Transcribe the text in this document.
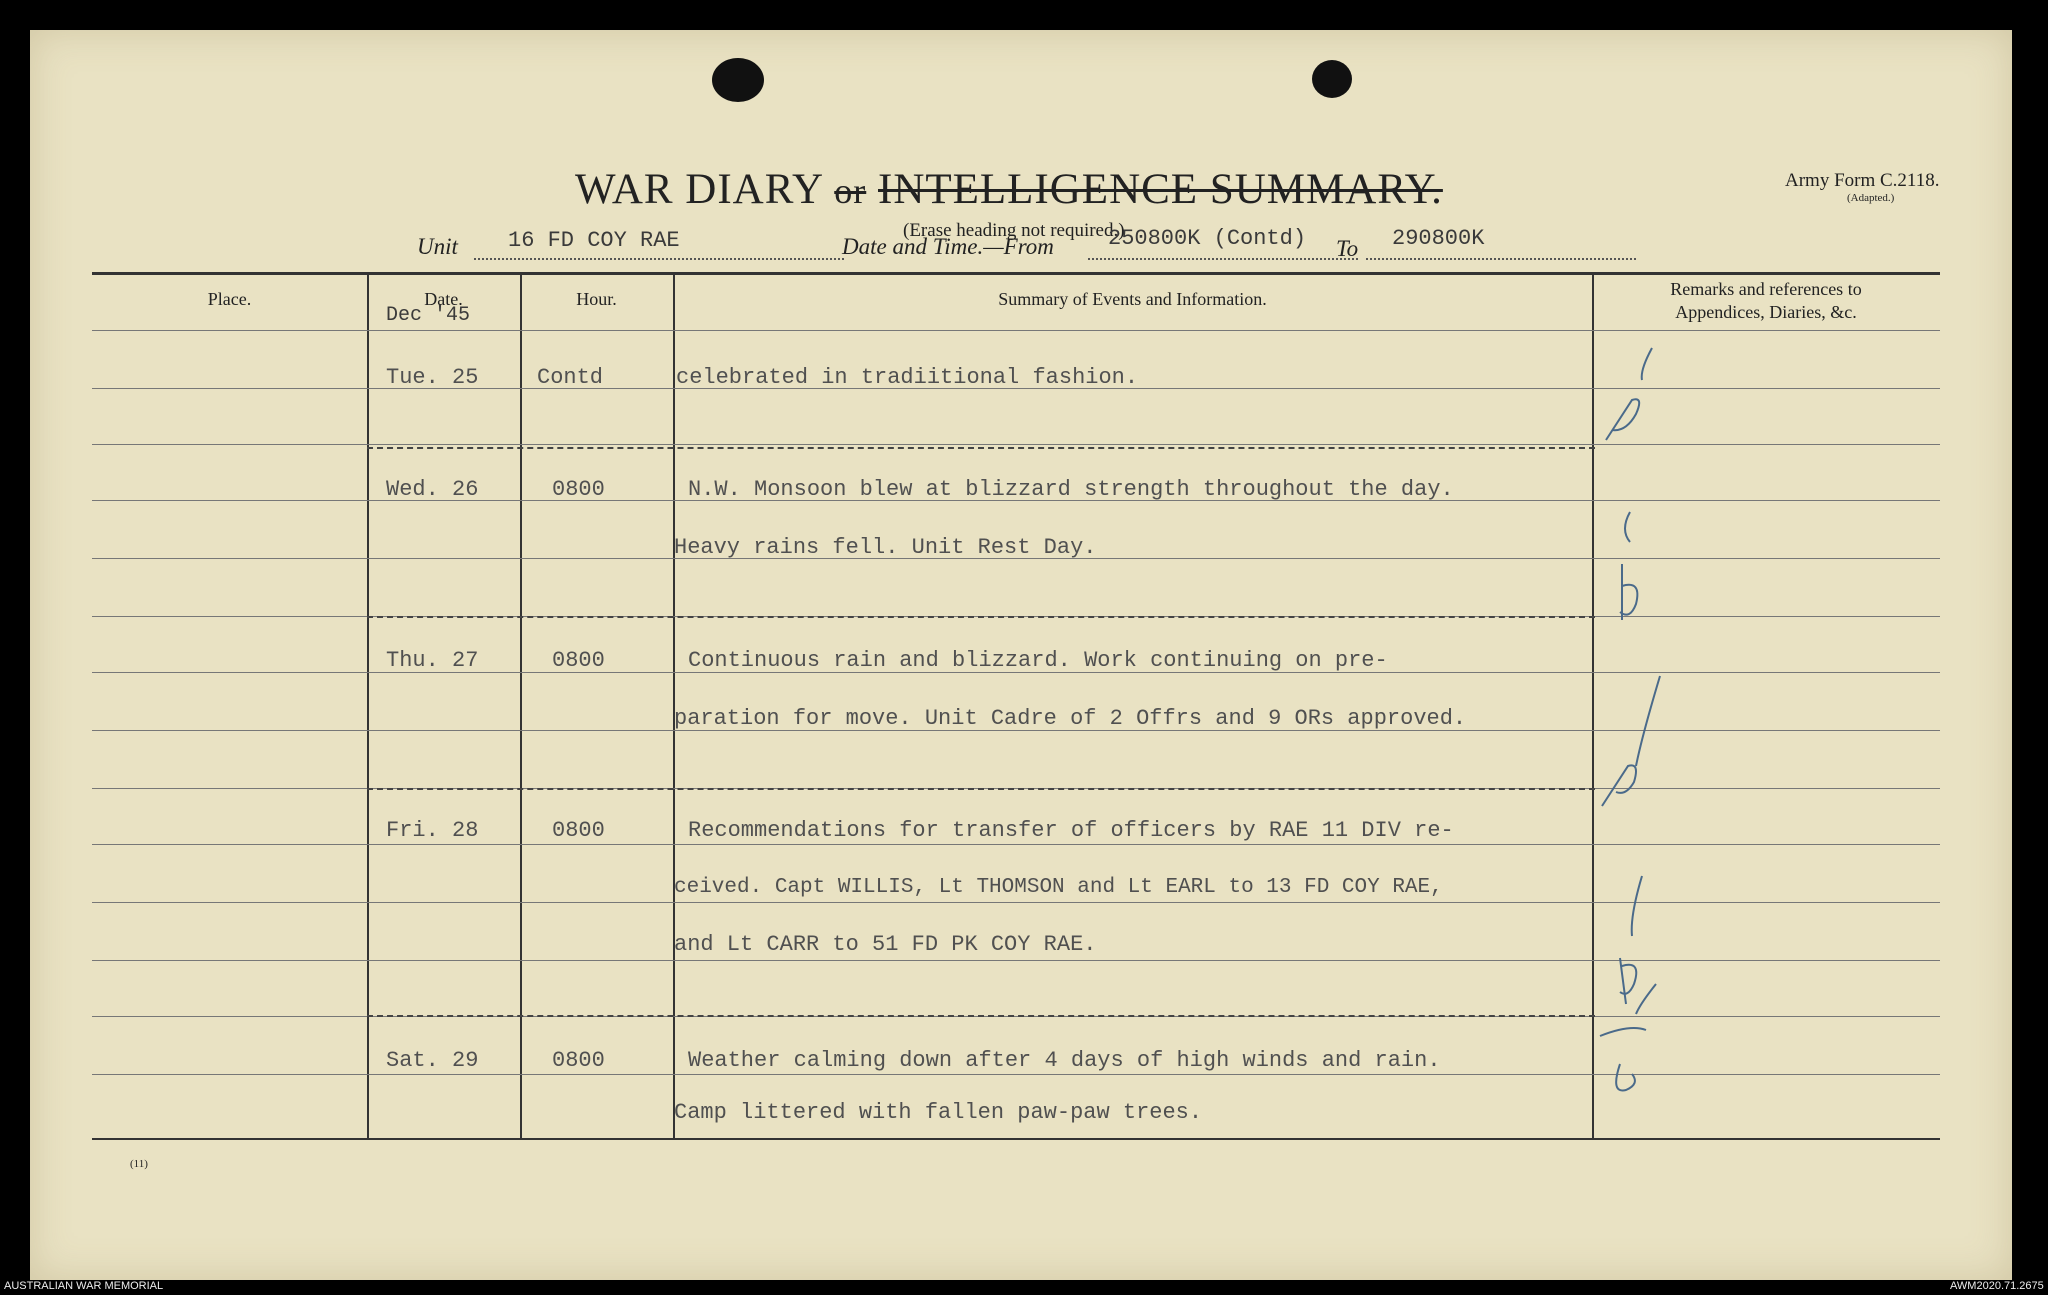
WAR DIARY or INTELLIGENCE SUMMARY.
(Erase heading not required.)
Army Form C.2118.
(Adapted.)
Unit 16 FD COY RAE	Date and Time.—From 250800K (Contd) To 290800K
Place.	Date.
Dec '45
Hour.	Summary of Events and Information.	Remarks and references to
Appendices, Diaries, &c.
Tue. 25	Contd	celebrated in tradiitional fashion.
Wed. 26	0800	N.W. Monsoon blew at blizzard strength throughout the day.
Heavy rains fell. Unit Rest Day.
Thu. 27	0800	Continuous rain and blizzard. Work continuing on pre-
paration for move. Unit Cadre of 2 Offrs and 9 ORs approved.
Fri. 28	0800	Recommendations for transfer of officers by RAE 11 DIV re-
ceived. Capt WILLIS, Lt THOMSON and Lt EARL to 13 FD COY RAE,
and Lt CARR to 51 FD PK COY RAE.
Sat. 29	0800	Weather calming down after 4 days of high winds and rain.
Camp littered with fallen paw-paw trees.
(11)
AUSTRALIAN WAR MEMORIAL	AWM2020.71.2675
